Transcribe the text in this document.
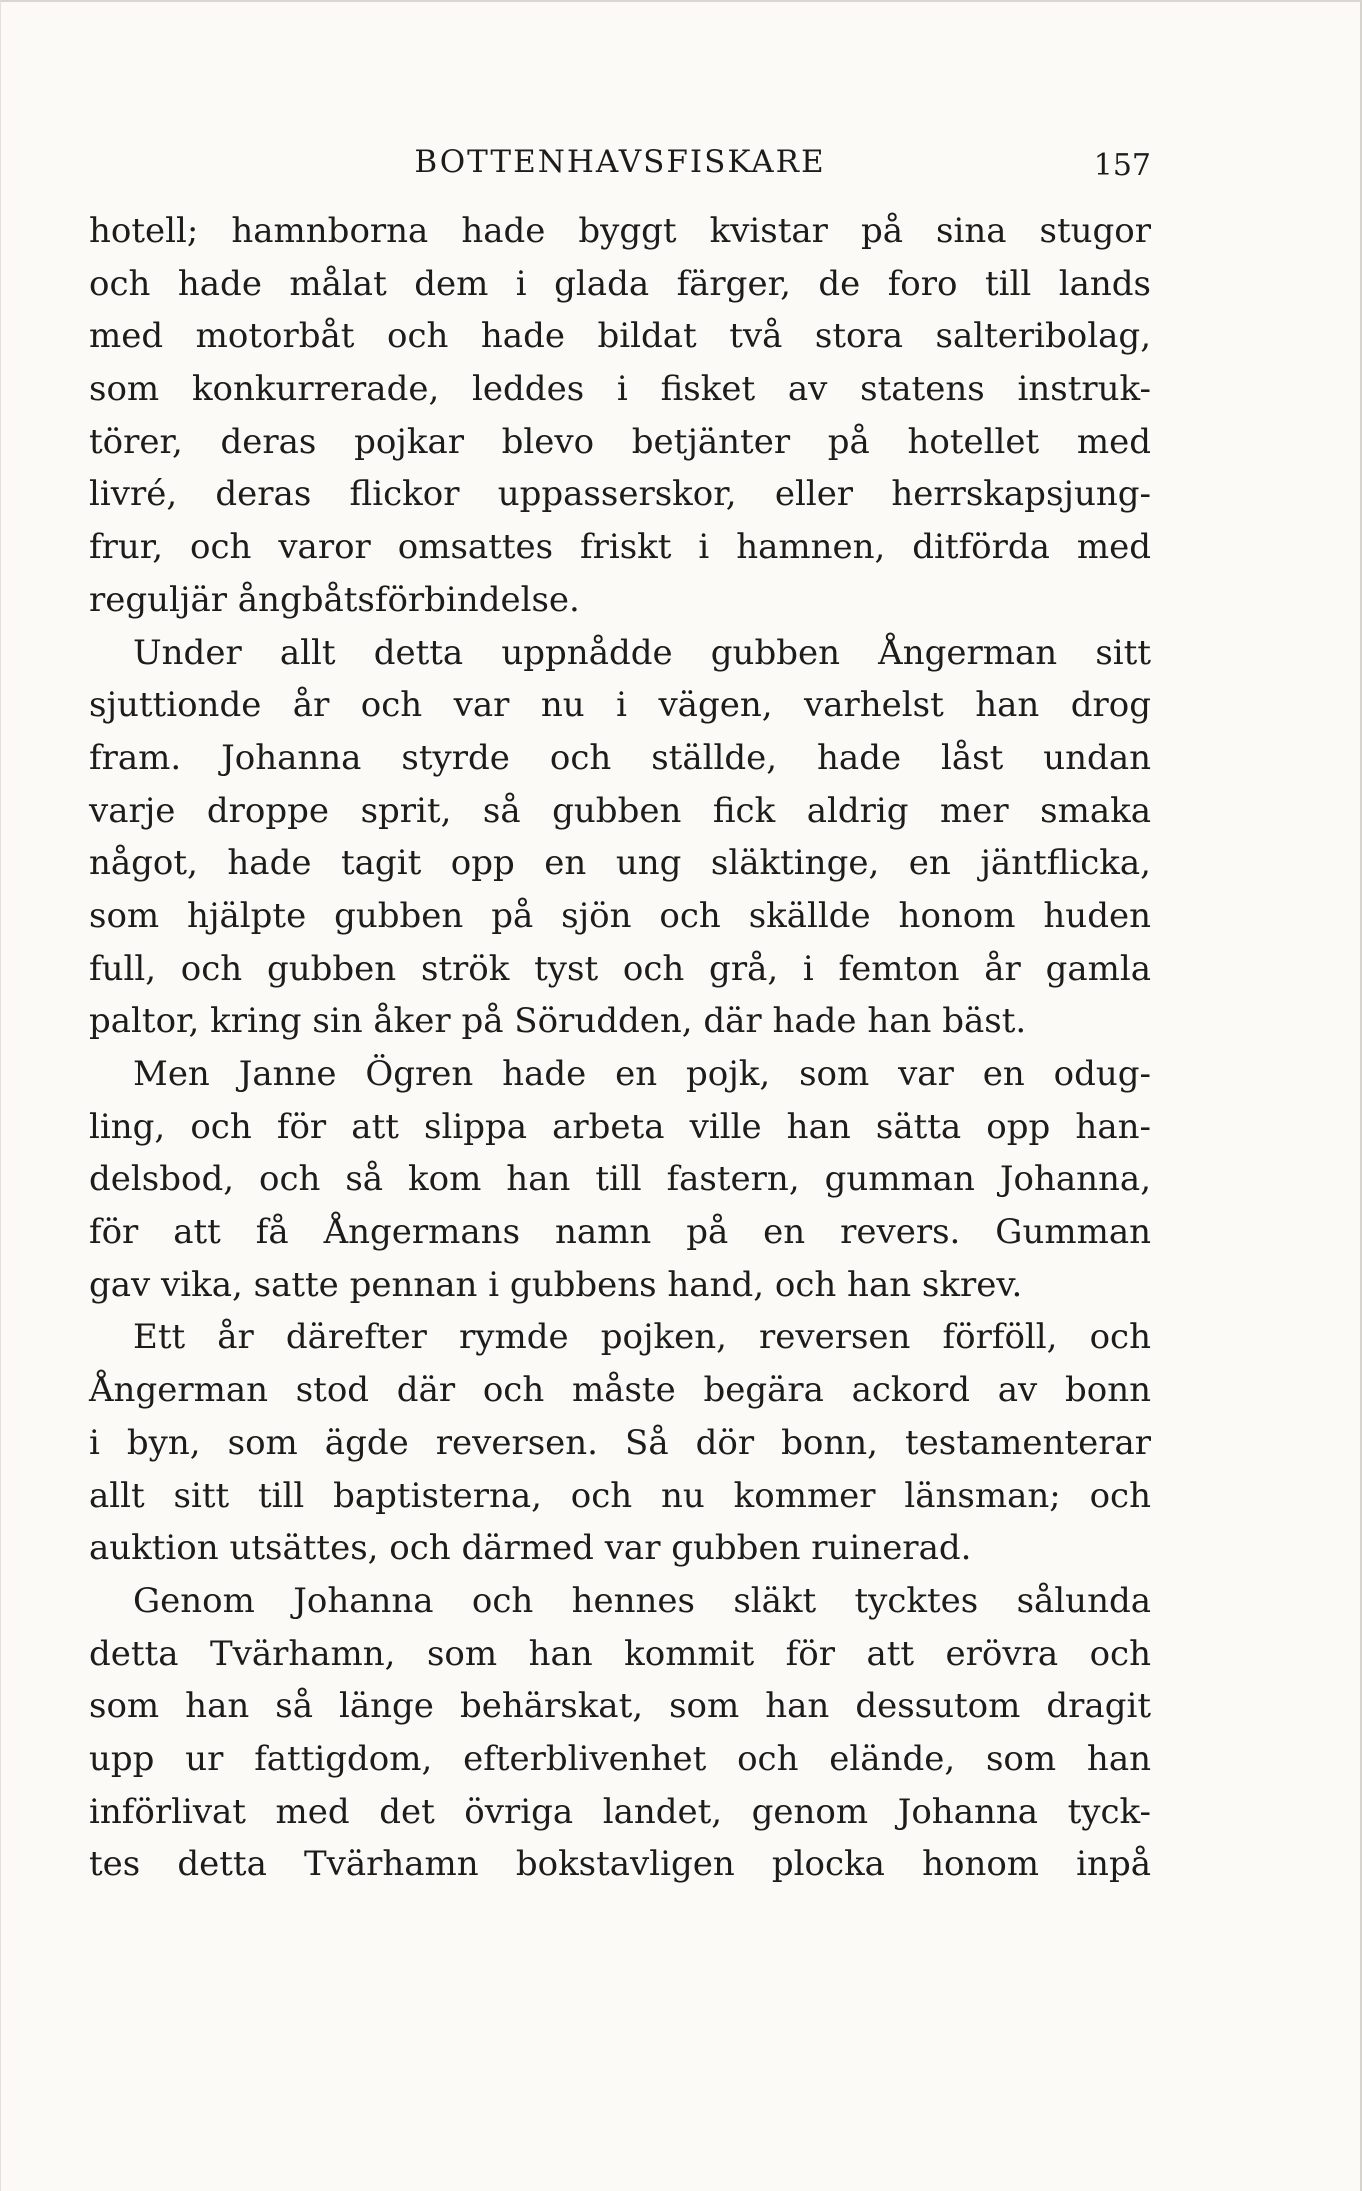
BOTTENHAVSFISKARE	157
hotell; hamnborna hade byggt kvistar på sina stugor
och hade målat dem i glada färger, de foro till lands
med motorbåt och hade bildat två stora salteribolag,
som konkurrerade, leddes i fisket av statens instruk-
törer, deras pojkar blevo betjänter på hotellet med
livré, deras flickor uppasserskor, eller herrskapsjung-
frur, och varor omsattes friskt i hamnen, ditförda med
reguljär ångbåtsförbindelse.
Under allt detta uppnådde gubben Ångerman sitt
sjuttionde år och var nu i vägen, varhelst han drog
fram. Johanna styrde och ställde, hade låst undan
varje droppe sprit, så gubben fick aldrig mer smaka
något, hade tagit opp en ung släktinge, en jäntflicka,
som hjälpte gubben på sjön och skällde honom huden
full, och gubben strök tyst och grå, i femton år gamla
paltor, kring sin åker på Sörudden, där hade han bäst.
Men Janne Ögren hade en pojk, som var en odug-
ling, och för att slippa arbeta ville han sätta opp han-
delsbod, och så kom han till fastern, gumman Johanna,
för att få Ångermans namn på en revers. Gumman
gav vika, satte pennan i gubbens hand, och han skrev.
Ett år därefter rymde pojken, reversen förföll, och
Ångerman stod där och måste begära ackord av bonn
i byn, som ägde reversen. Så dör bonn, testamenterar
allt sitt till baptisterna, och nu kommer länsman; och
auktion utsättes, och därmed var gubben ruinerad.
Genom Johanna och hennes släkt tycktes sålunda
detta Tvärhamn, som han kommit för att erövra och
som han så länge behärskat, som han dessutom dragit
upp ur fattigdom, efterblivenhet och elände, som han
införlivat med det övriga landet, genom Johanna tyck-
tes detta Tvärhamn bokstavligen plocka honom inpå
